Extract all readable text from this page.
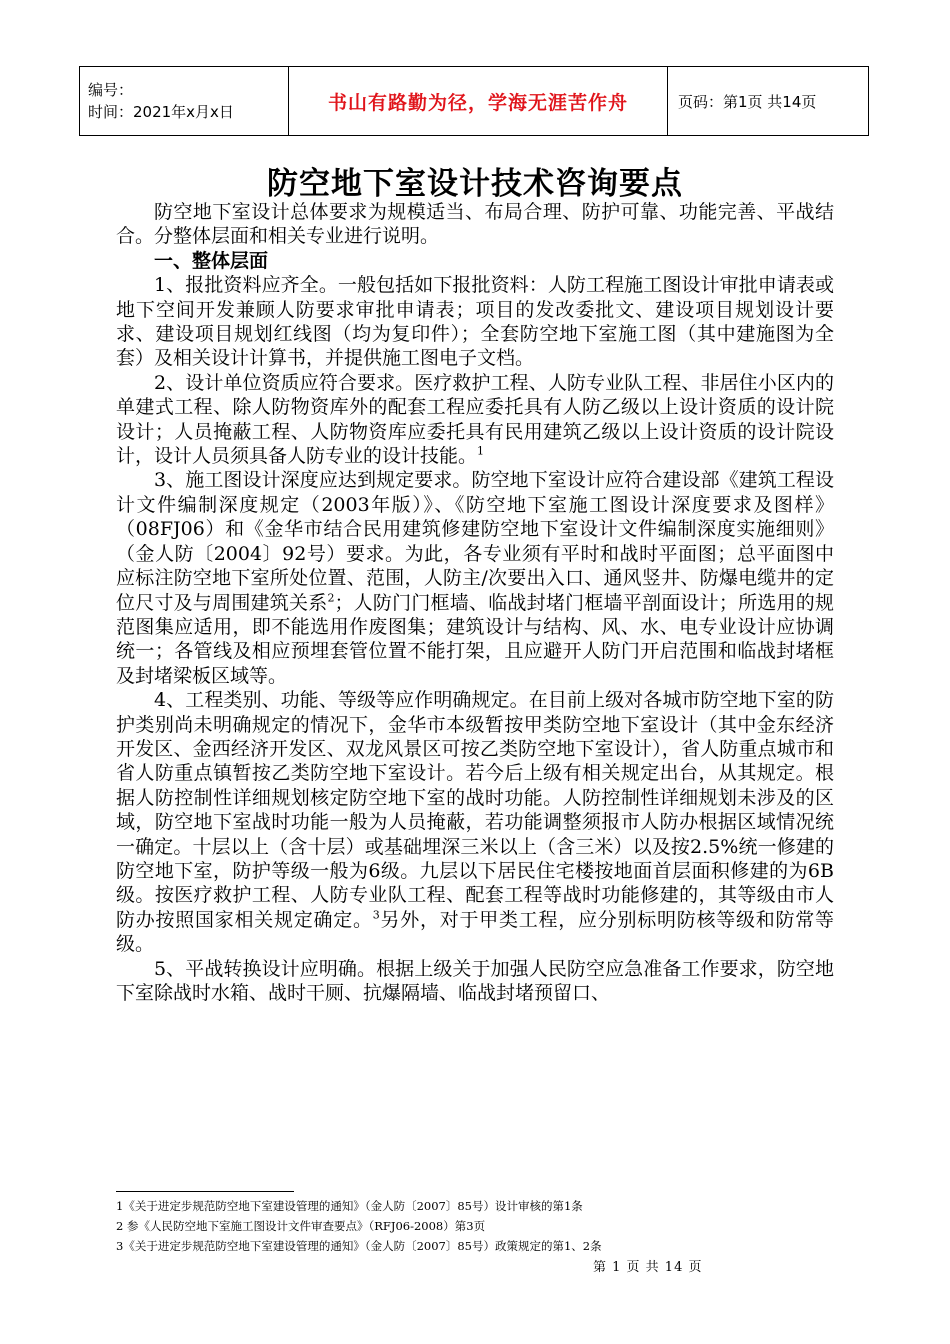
编号：
时间：2021年x月x日	书山有路勤为径，学海无涯苦作舟	页码：第1页 共14页
防空地下室设计技术咨询要点

防空地下室设计总体要求为规模适当、布局合理、防护可靠、功能完善、平战结合。分整体层面和相关专业进行说明。

一、整体层面

1、报批资料应齐全。一般包括如下报批资料：人防工程施工图设计审批申请表或地下空间开发兼顾人防要求审批申请表；项目的发改委批文、建设项目规划设计要求、建设项目规划红线图（均为复印件）；全套防空地下室施工图（其中建施图为全套）及相关设计计算书，并提供施工图电子文档。

2、设计单位资质应符合要求。医疗救护工程、人防专业队工程、非居住小区内的单建式工程、除人防物资库外的配套工程应委托具有人防乙级以上设计资质的设计院设计；人员掩蔽工程、人防物资库应委托具有民用建筑乙级以上设计资质的设计院设计，设计人员须具备人防专业的设计技能。$^1$

3、施工图设计深度应达到规定要求。防空地下室设计应符合建设部《建筑工程设计文件编制深度规定（2003年版）》、《防空地下室施工图设计深度要求及图样》（08FJ06）和《金华市结合民用建筑修建防空地下室设计文件编制深度实施细则》（金人防〔2004〕92号）要求。为此，各专业须有平时和战时平面图；总平面图中应标注防空地下室所处位置、范围，人防主/次要出入口、通风竖井、防爆电缆井的定位尺寸及与周围建筑关系$^2$；人防门门框墙、临战封堵门框墙平剖面设计；所选用的规范图集应适用，即不能选用作废图集；建筑设计与结构、风、水、电专业设计应协调统一；各管线及相应预埋套管位置不能打架，且应避开人防门开启范围和临战封堵框及封堵梁板区域等。

4、工程类别、功能、等级等应作明确规定。在目前上级对各城市防空地下室的防护类别尚未明确规定的情况下，金华市本级暂按甲类防空地下室设计（其中金东经济开发区、金西经济开发区、双龙风景区可按乙类防空地下室设计），省人防重点城市和省人防重点镇暂按乙类防空地下室设计。若今后上级有相关规定出台，从其规定。根据人防控制性详细规划核定防空地下室的战时功能。人防控制性详细规划未涉及的区域，防空地下室战时功能一般为人员掩蔽，若功能调整须报市人防办根据区域情况统一确定。十层以上（含十层）或基础埋深三米以上（含三米）以及按2.5%统一修建的防空地下室，防护等级一般为6级。九层以下居民住宅楼按地面首层面积修建的为6B级。按医疗救护工程、人防专业队工程、配套工程等战时功能修建的，其等级由市人防办按照国家相关规定确定。$^3$另外，对于甲类工程，应分别标明防核等级和防常等级。

5、平战转换设计应明确。根据上级关于加强人民防空应急准备工作要求，防空地下室除战时水箱、战时干厕、抗爆隔墙、临战封堵预留口、

1《关于进定步规范防空地下室建设管理的通知》（金人防〔2007〕85号）设计审核的第1条
2 参《人民防空地下室施工图设计文件审查要点》（RFJ06-2008）第3页
3《关于进定步规范防空地下室建设管理的通知》（金人防〔2007〕85号）政策规定的第1、2条
第 1 页 共 14 页
